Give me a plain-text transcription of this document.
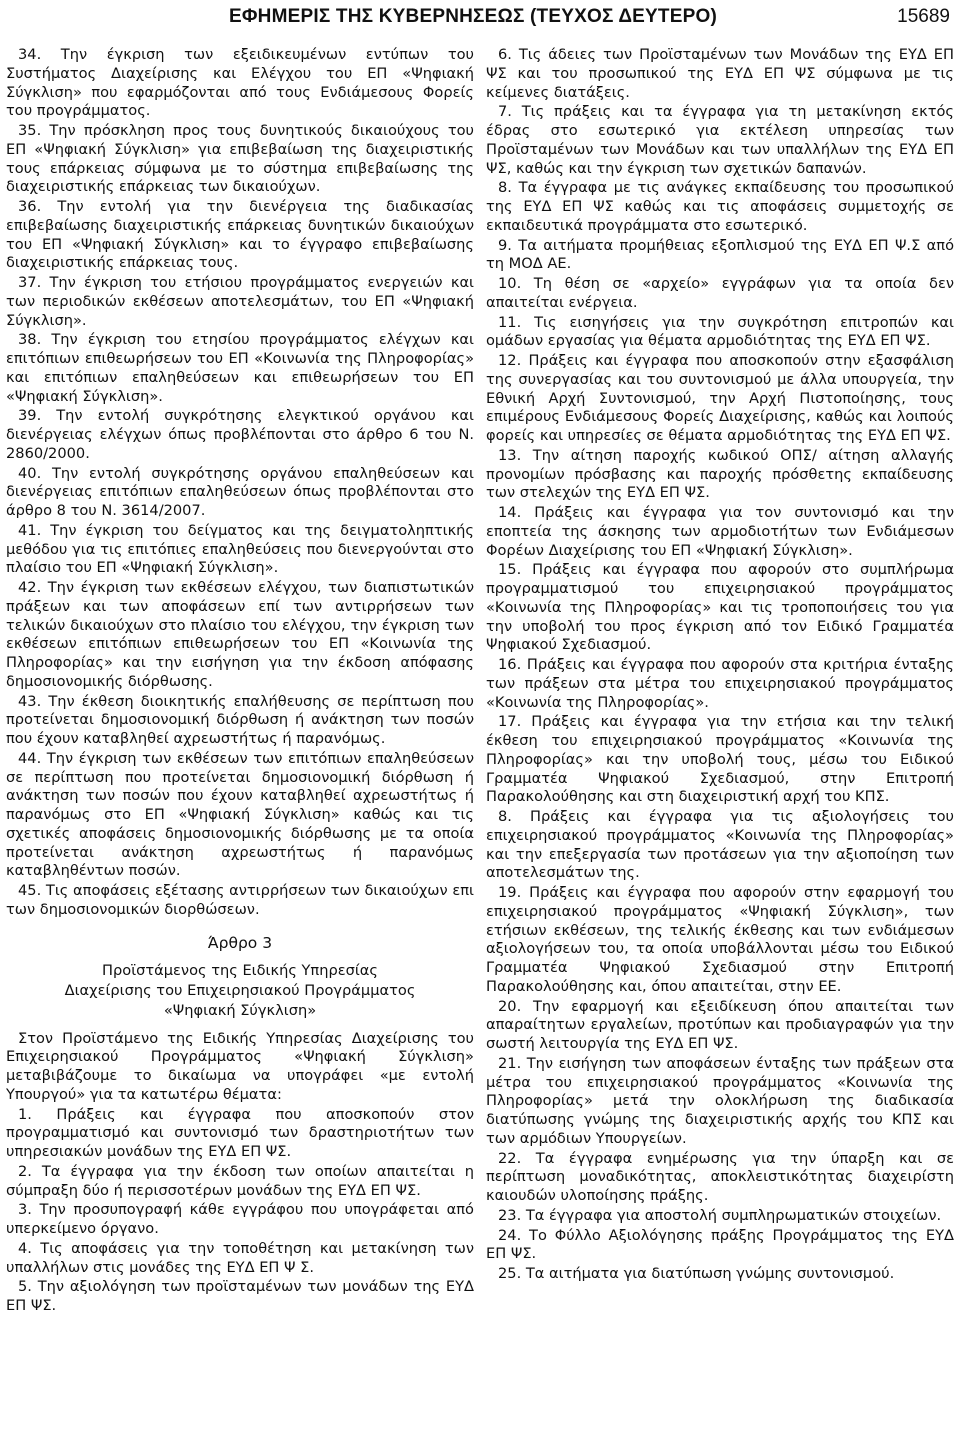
ΕΦΗΜΕΡΙΣ ΤΗΣ ΚΥΒΕΡΝΗΣΕΩΣ (ΤΕΥΧΟΣ ΔΕΥΤΕΡΟ)	15689

34. Την έγκριση των εξειδικευμένων εντύπων του Συστήματος Διαχείρισης και Ελέγχου του ΕΠ «Ψηφιακή Σύγκλιση» που εφαρμόζονται από τους Ενδιάμεσους Φορείς του προγράμματος.

35. Την πρόσκληση προς τους δυνητικούς δικαιούχους του ΕΠ «Ψηφιακή Σύγκλιση» για επιβεβαίωση της διαχειριστικής τους επάρκειας σύμφωνα με το σύστημα επιβεβαίωσης της διαχειριστικής επάρκειας των δικαιούχων.

36. Την εντολή για την διενέργεια της διαδικασίας επιβεβαίωσης διαχειριστικής επάρκειας δυνητικών δικαιούχων του ΕΠ «Ψηφιακή Σύγκλιση» και το έγγραφο επιβεβαίωσης διαχειριστικής επάρκειας τους.

37. Την έγκριση του ετήσιου προγράμματος ενεργειών και των περιοδικών εκθέσεων αποτελεσμάτων, του ΕΠ «Ψηφιακή Σύγκλιση».

38. Την έγκριση του ετησίου προγράμματος ελέγχων και επιτόπιων επιθεωρήσεων του ΕΠ «Κοινωνία της Πληροφορίας» και επιτόπιων επαληθεύσεων και επιθεωρήσεων του ΕΠ «Ψηφιακή Σύγκλιση».

39. Την εντολή συγκρότησης ελεγκτικού οργάνου και διενέργειας ελέγχων όπως προβλέπονται στο άρθρο 6 του Ν. 2860/2000.

40. Την εντολή συγκρότησης οργάνου επαληθεύσεων και διενέργειας επιτόπιων επαληθεύσεων όπως προβλέπονται στο άρθρο 8 του Ν. 3614/2007.

41. Την έγκριση του δείγματος και της δειγματοληπτικής μεθόδου για τις επιτόπιες επαληθεύσεις που διενεργούνται στο πλαίσιο του ΕΠ «Ψηφιακή Σύγκλιση».

42. Την έγκριση των εκθέσεων ελέγχου, των διαπιστωτικών πράξεων και των αποφάσεων επί των αντιρρήσεων των τελικών δικαιούχων στο πλαίσιο του ελέγχου, την έγκριση των εκθέσεων επιτόπιων επιθεωρήσεων του ΕΠ «Κοινωνία της Πληροφορίας» και την εισήγηση για την έκδοση απόφασης δημοσιονομικής διόρθωσης.

43. Την έκθεση διοικητικής επαλήθευσης σε περίπτωση που προτείνεται δημοσιονομική διόρθωση ή ανάκτηση των ποσών που έχουν καταβληθεί αχρεωστήτως ή παρανόμως.

44. Την έγκριση των εκθέσεων των επιτόπιων επαληθεύσεων σε περίπτωση που προτείνεται δημοσιονομική διόρθωση ή ανάκτηση των ποσών που έχουν καταβληθεί αχρεωστήτως ή παρανόμως στο ΕΠ «Ψηφιακή Σύγκλιση» καθώς και τις σχετικές αποφάσεις δημοσιονομικής διόρθωσης με τα οποία προτείνεται ανάκτηση αχρεωστήτως ή παρανόμως καταβληθέντων ποσών.

45. Τις αποφάσεις εξέτασης αντιρρήσεων των δικαιούχων επι των δημοσιονομικών διορθώσεων.

Άρθρο 3

Προϊστάμενος της Ειδικής Υπηρεσίας

Διαχείρισης του Επιχειρησιακού Προγράμματος

«Ψηφιακή Σύγκλιση»

Στον Προϊστάμενο της Ειδικής Υπηρεσίας Διαχείρισης του Επιχειρησιακού Προγράμματος «Ψηφιακή Σύγκλιση» μεταβιβάζουμε το δικαίωμα να υπογράφει «με εντολή Υπουργού» για τα κατωτέρω θέματα:

1. Πράξεις και έγγραφα που αποσκοπούν στον προγραμματισμό και συντονισμό των δραστηριοτήτων των υπηρεσιακών μονάδων της ΕΥΔ ΕΠ ΨΣ.

2. Τα έγγραφα για την έκδοση των οποίων απαιτείται η σύμπραξη δύο ή περισσοτέρων μονάδων της ΕΥΔ ΕΠ ΨΣ.

3. Την προσυπογραφή κάθε εγγράφου που υπογράφεται από υπερκείμενο όργανο.

4. Τις αποφάσεις για την τοποθέτηση και μετακίνηση των υπαλλήλων στις μονάδες της ΕΥΔ ΕΠ Ψ Σ.

5. Την αξιολόγηση των προϊσταμένων των μονάδων της ΕΥΔ ΕΠ ΨΣ.

6. Τις άδειες των Προϊσταμένων των Μονάδων της ΕΥΔ ΕΠ ΨΣ και του προσωπικού της ΕΥΔ ΕΠ ΨΣ σύμφωνα με τις κείμενες διατάξεις.

7. Τις πράξεις και τα έγγραφα για τη μετακίνηση εκτός έδρας στο εσωτερικό για εκτέλεση υπηρεσίας των Προϊσταμένων των Μονάδων και των υπαλλήλων της ΕΥΔ ΕΠ ΨΣ, καθώς και την έγκριση των σχετικών δαπανών.

8. Τα έγγραφα με τις ανάγκες εκπαίδευσης του προσωπικού της ΕΥΔ ΕΠ ΨΣ καθώς και τις αποφάσεις συμμετοχής σε εκπαιδευτικά προγράμματα στο εσωτερικό.

9. Τα αιτήματα προμήθειας εξοπλισμού της ΕΥΔ ΕΠ Ψ.Σ από τη ΜΟΔ ΑΕ.

10. Τη θέση σε «αρχείο» εγγράφων για τα οποία δεν απαιτείται ενέργεια.

11. Τις εισηγήσεις για την συγκρότηση επιτροπών και ομάδων εργασίας για θέματα αρμοδιότητας της ΕΥΔ ΕΠ ΨΣ.

12. Πράξεις και έγγραφα που αποσκοπούν στην εξασφάλιση της συνεργασίας και του συντονισμού με άλλα υπουργεία, την Εθνική Αρχή Συντονισμού, την Αρχή Πιστοποίησης, τους επιμέρους Ενδιάμεσους Φορείς Διαχείρισης, καθώς και λοιπούς φορείς και υπηρεσίες σε θέματα αρμοδιότητας της ΕΥΔ ΕΠ ΨΣ.

13. Την αίτηση παροχής κωδικού ΟΠΣ/ αίτηση αλλαγής προνομίων πρόσβασης και παροχής πρόσθετης εκπαίδευσης των στελεχών της ΕΥΔ ΕΠ ΨΣ.

14. Πράξεις και έγγραφα για τον συντονισμό και την εποπτεία της άσκησης των αρμοδιοτήτων των Ενδιάμεσων Φορέων Διαχείρισης του ΕΠ «Ψηφιακή Σύγκλιση».

15. Πράξεις και έγγραφα που αφορούν στο συμπλήρωμα προγραμματισμού του επιχειρησιακού προγράμματος «Κοινωνία της Πληροφορίας» και τις τροποποιήσεις του για την υποβολή του προς έγκριση από τον Ειδικό Γραμματέα Ψηφιακού Σχεδιασμού.

16. Πράξεις και έγγραφα που αφορούν στα κριτήρια ένταξης των πράξεων στα μέτρα του επιχειρησιακού προγράμματος «Κοινωνία της Πληροφορίας».

17. Πράξεις και έγγραφα για την ετήσια και την τελική έκθεση του επιχειρησιακού προγράμματος «Κοινωνία της Πληροφορίας» και την υποβολή τους, μέσω του Ειδικού Γραμματέα Ψηφιακού Σχεδιασμού, στην Επιτροπή Παρακολούθησης και στη διαχειριστική αρχή του ΚΠΣ.

8. Πράξεις και έγγραφα για τις αξιολογήσεις του επιχειρησιακού προγράμματος «Κοινωνία της Πληροφορίας» και την επεξεργασία των προτάσεων για την αξιοποίηση των αποτελεσμάτων της.

19. Πράξεις και έγγραφα που αφορούν στην εφαρμογή του επιχειρησιακού προγράμματος «Ψηφιακή Σύγκλιση», των ετήσιων εκθέσεων, της τελικής έκθεσης και των ενδιάμεσων αξιολογήσεων του, τα οποία υποβάλλονται μέσω του Ειδικού Γραμματέα Ψηφιακού Σχεδιασμού στην Επιτροπή Παρακολούθησης και, όπου απαιτείται, στην ΕΕ.

20. Την εφαρμογή και εξειδίκευση όπου απαιτείται των απαραίτητων εργαλείων, προτύπων και προδιαγραφών για την σωστή λειτουργία της ΕΥΔ ΕΠ ΨΣ.

21. Την εισήγηση των αποφάσεων ένταξης των πράξεων στα μέτρα του επιχειρησιακού προγράμματος «Κοινωνία της Πληροφορίας» μετά την ολοκλήρωση της διαδικασία διατύπωσης γνώμης της διαχειριστικής αρχής του ΚΠΣ και των αρμόδιων Υπουργείων.

22. Τα έγγραφα ενημέρωσης για την ύπαρξη και σε περίπτωση μοναδικότητας, αποκλειστικότητας διαχειρίστη καιουδών υλοποίησης πράξης.

23. Τα έγγραφα για αποστολή συμπληρωματικών στοιχείων.

24. Το Φύλλο Αξιολόγησης πράξης Προγράμματος της ΕΥΔ ΕΠ ΨΣ.

25. Τα αιτήματα για διατύπωση γνώμης συντονισμού.
